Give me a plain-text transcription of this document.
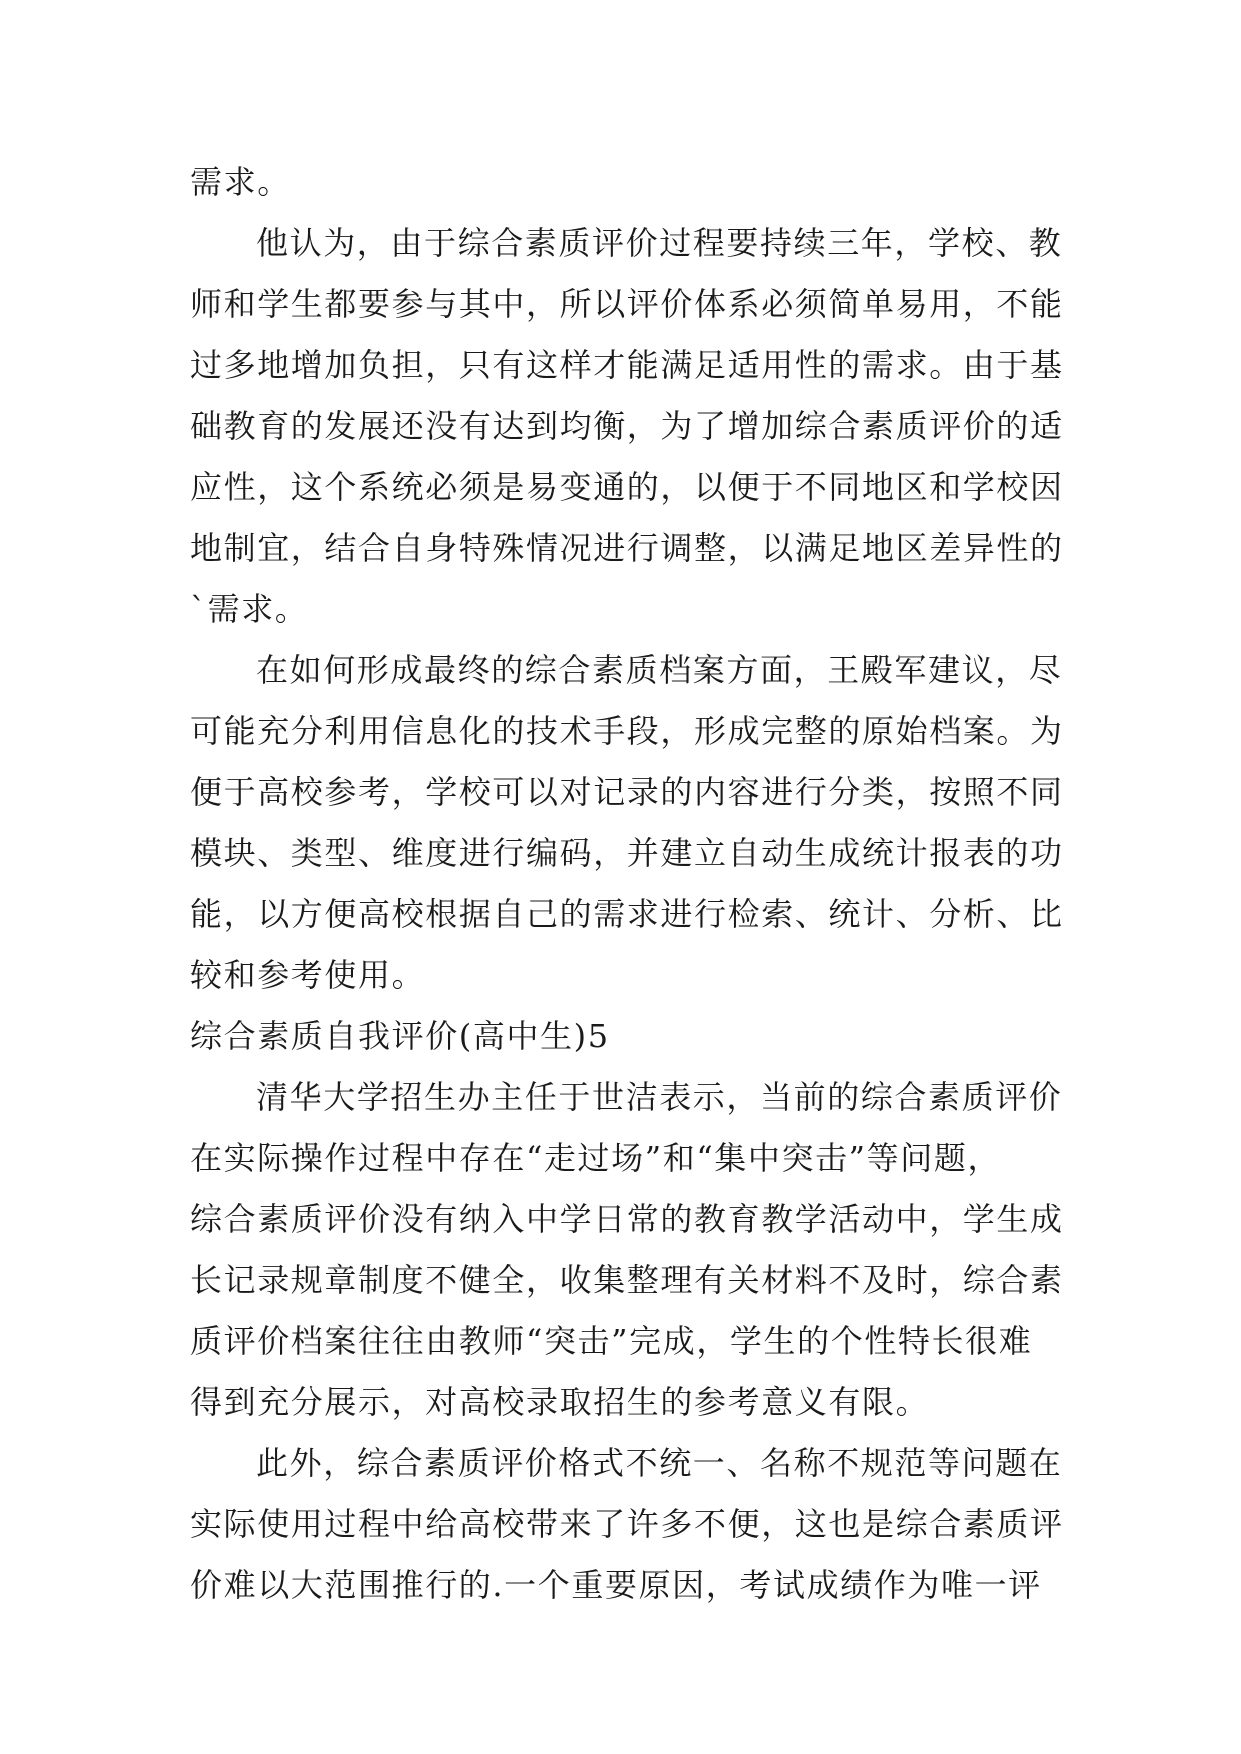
需求。
他认为，由于综合素质评价过程要持续三年，学校、教
师和学生都要参与其中，所以评价体系必须简单易用，不能
过多地增加负担，只有这样才能满足适用性的需求。由于基
础教育的发展还没有达到均衡，为了增加综合素质评价的适
应性，这个系统必须是易变通的，以便于不同地区和学校因
地制宜，结合自身特殊情况进行调整，以满足地区差异性的
`需求。
在如何形成最终的综合素质档案方面，王殿军建议，尽
可能充分利用信息化的技术手段，形成完整的原始档案。为
便于高校参考，学校可以对记录的内容进行分类，按照不同
模块、类型、维度进行编码，并建立自动生成统计报表的功
能，以方便高校根据自己的需求进行检索、统计、分析、比
较和参考使用。
综合素质自我评价(高中生)5
清华大学招生办主任于世洁表示，当前的综合素质评价
在实际操作过程中存在“走过场”和“集中突击”等问题，
综合素质评价没有纳入中学日常的教育教学活动中，学生成
长记录规章制度不健全，收集整理有关材料不及时，综合素
质评价档案往往由教师“突击”完成，学生的个性特长很难
得到充分展示，对高校录取招生的参考意义有限。
此外，综合素质评价格式不统一、名称不规范等问题在
实际使用过程中给高校带来了许多不便，这也是综合素质评
价难以大范围推行的.一个重要原因，考试成绩作为唯一评
